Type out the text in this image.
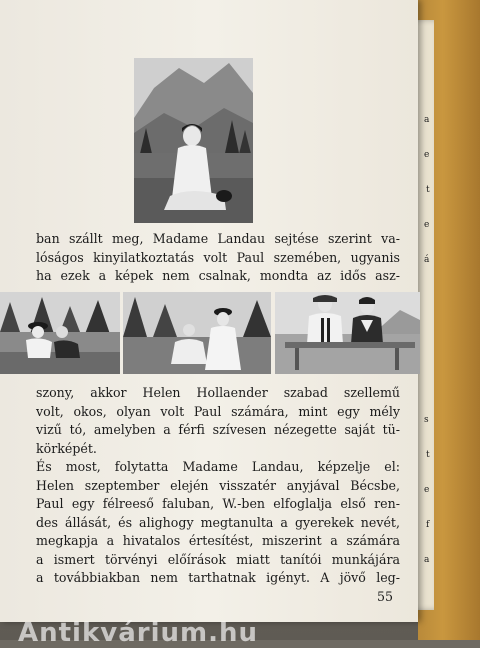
a
e
t
e
á
s
t
e
f
a
ban szállt meg, Madame Landau sejtése szerint va-
lóságos kinyilatkoztatás volt Paul szemében, ugyanis
ha ezek a képek nem csalnak, mondta az idős asz-
szony, akkor Helen Hollaender szabad szellemű
volt, okos, olyan volt Paul számára, mint egy mély
vizű tó, amelyben a férfi szívesen nézegette saját tü-
körképét.
És most, folytatta Madame Landau, képzelje el:
Helen szeptember elején visszatér anyjával Bécsbe,
Paul egy félreeső faluban, W.-ben elfoglalja első ren-
des állását, és alighogy megtanulta a gyerekek nevét,
megkapja a hivatalos értesítést, miszerint a számára
a ismert törvényi előírások miatt tanítói munkájára
a továbbiakban nem tarthatnak igényt. A jövő leg-
55
Antikvárium.hu
